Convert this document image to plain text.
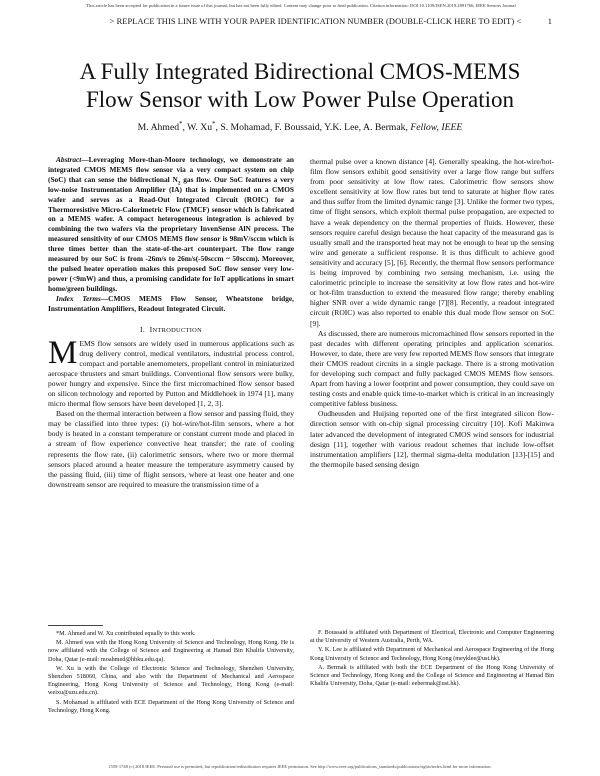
This article has been accepted for publication in a future issue of this journal, but has not been fully edited. Content may change prior to final publication. Citation information: DOI 10.1109/JSEN.2019.2891766, IEEE Sensors Journal
> REPLACE THIS LINE WITH YOUR PAPER IDENTIFICATION NUMBER (DOUBLE-CLICK HERE TO EDIT) <	1
A Fully Integrated Bidirectional CMOS-MEMS
Flow Sensor with Low Power Pulse Operation
M. Ahmed*, W. Xu*, S. Mohamad, F. Boussaid, Y.K. Lee, A. Bermak, Fellow, IEEE

Abstract—Leveraging More-than-Moore technology, we demonstrate an integrated CMOS MEMS flow sensor via a very compact system on chip (SoC) that can sense the bidirectional $N_2$ gas flow. Our SoC features a very low-noise Instrumentation Amplifier (IA) that is implemented on a CMOS wafer and serves as a Read-Out Integrated Circuit (ROIC) for a Thermoresistive Micro-Calorimetric Flow (TMCF) sensor which is fabricated on a MEMS wafer. A compact heterogeneous integration is achieved by combining the two wafers via the proprietary InvenSense AlN process. The measured sensitivity of our CMOS MEMS flow sensor is 98mV/sccm which is three times better than the state-of-the-art counterpart. The flow range measured by our SoC is from -26m/s to 26m/s(-50sccm ~ 50sccm). Moreover, the pulsed heater operation makes this proposed SoC flow sensor very low-power (<9mW) and thus, a promising candidate for IoT applications in smart home/green buildings.

Index Terms—CMOS MEMS Flow Sensor, Wheatstone bridge, Instrumentation Amplifiers, Readout Integrated Circuit.

I. INTRODUCTION

MEMS flow sensors are widely used in numerous applications such as drug delivery control, medical ventilators, industrial process control, compact and portable anemometers, propellant control in miniaturized aerospace thrusters and smart buildings. Conventional flow sensors were bulky, power hungry and expensive. Since the first micromachined flow sensor based on silicon technology and reported by Putton and Middlehoek in 1974 [1], many micro thermal flow sensors have been developed [1, 2, 3].

Based on the thermal interaction between a flow sensor and passing fluid, they may be classified into three types: (i) hot-wire/hot-film sensors, where a hot body is heated in a constant temperature or constant current mode and placed in a stream of flow experience convective heat transfer; the rate of cooling represents the flow rate, (ii) calorimetric sensors, where two or more thermal sensors placed around a heater measure the temperature asymmetry caused by the passing fluid, (iii) time of flight sensors, where at least one heater and one downstream sensor are required to measure the transmission time of a

thermal pulse over a known distance [4]. Generally speaking, the hot-wire/hot-film flow sensors exhibit good sensitivity over a large flow range but suffers from poor sensitivity at low flow rates. Calorimetric flow sensors show excellent sensitivity at low flow rates but tend to saturate at higher flow rates and thus suffer from the limited dynamic range [3]. Unlike the former two types, time of flight sensors, which exploit thermal pulse propagation, are expected to have a weak dependency on the thermal properties of fluids. However, these sensors require careful design because the heat capacity of the measurand gas is usually small and the transported heat may not be enough to heat up the sensing wire and generate a sufficient response. It is thus difficult to achieve good sensitivity and accuracy [5], [6]. Recently, the thermal flow sensors performance is being improved by combining two sensing mechanism, i.e. using the calorimetric principle to increase the sensitivity at low flow rates and hot-wire or hot-film transduction to extend the measured flow range; thereby enabling higher SNR over a wide dynamic range [7][8]. Recently, a readout integrated circuit (ROIC) was also reported to enable this dual mode flow sensor on SoC [9].

As discussed, there are numerous micromachined flow sensors reported in the past decades with different operating principles and application scenarios. However, to date, there are very few reported MEMS flow sensors that integrate their CMOS readout circuits in a single package. There is a strong motivation for developing such compact and fully packaged CMOS MEMS flow sensors. Apart from having a lower footprint and power consumption, they could save on testing costs and enable quick time-to-market which is critical in an increasingly competitive fabless business.

Oudheusden and Huijsing reported one of the first integrated silicon flow-direction sensor with on-chip signal processing circuitry [10]. Kofi Makinwa later advanced the development of integrated CMOS wind sensors for industrial design [11], together with various readout schemes that include low-offset instrumentation amplifiers [12], thermal sigma-delta modulation [13]-[15] and the thermopile based sensing design

*M. Ahmed and W. Xu contributed equally to this work.

M. Ahmed was with the Hong Kong University of Science and Technology, Hong Kong. He is now affiliated with the College of Science and Engineering at Hamad Bin Khalifa University, Doha, Qatar (e-mail: moahmed@hbku.edu.qa).

W. Xu is with the College of Electronic Science and Technology, Shenzhen University, Shenzhen 518060, China, and also with the Department of Mechanical and Aerospace Engineering, Hong Kong University of Science and Technology, Hong Kong (e-mail: weixu@szu.edu.cn).

S. Mohamad is affiliated with ECE Department of the Hong Kong University of Science and Technology, Hong Kong.

F. Boussaid is affiliated with Department of Electrical, Electronic and Computer Engineering at the University of Western Australia, Perth, WA.

Y. K. Lee is affiliated with Department of Mechanical and Aerospace Engineering of the Hong Kong University of Science and Technology, Hong Kong (meyklee@ust.hk).

A. Bermak is affiliated with both the ECE Department of the Hong Kong University of Science and Technology, Hong Kong and the College of Science and Engineering at Hamad Bin Khalifa University, Doha, Qatar (e-mail: eebermak@ust.hk).

1558-1748 (c) 2018 IEEE. Personal use is permitted, but republication/redistribution requires IEEE permission. See http://www.ieee.org/publications_standards/publications/rights/index.html for more information.
